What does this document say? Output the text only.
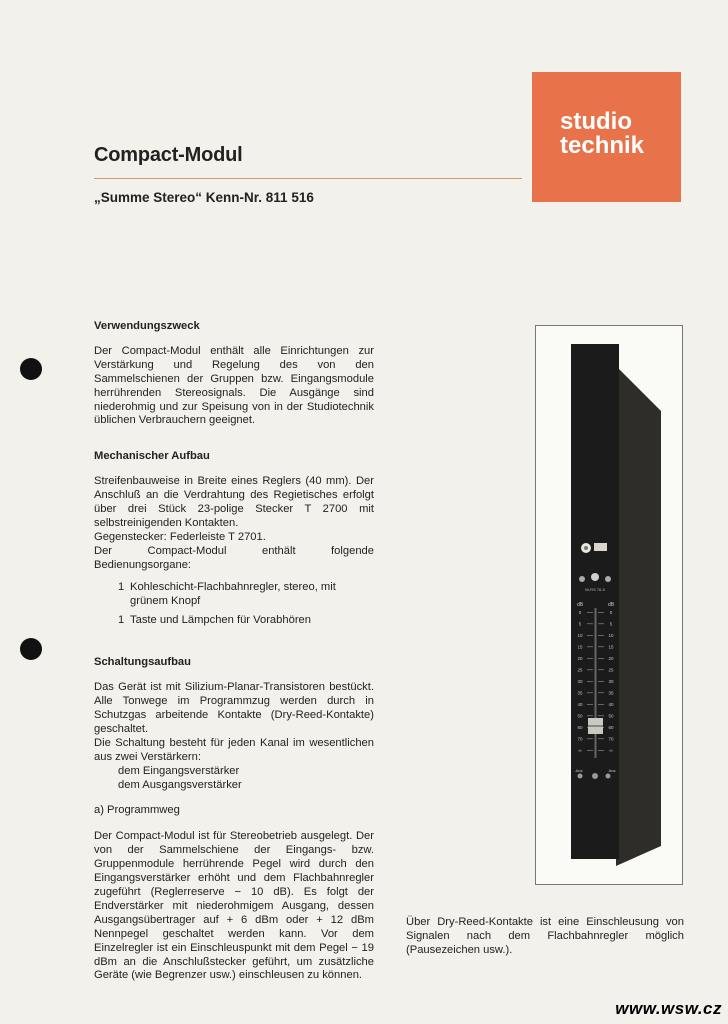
Compact-Modul
„Summe Stereo“ Kenn-Nr. 811 516
studio
technik
Verwendungszweck

Der Compact-Modul enthält alle Einrichtungen zur Verstärkung und Regelung des von den Sammelschienen der Gruppen bzw. Eingangsmodule herrührenden Stereosignals. Die Ausgänge sind niederohmig und zur Speisung von in der Studiotechnik üblichen Verbrauchern geeignet.

Mechanischer Aufbau

Streifenbauweise in Breite eines Reglers (40 mm). Der Anschluß an die Verdrahtung des Regietisches erfolgt über drei Stück 23-polige Stecker T 2700 mit selbstreinigenden Kontakten.

Gegenstecker: Federleiste T 2701.

Der Compact-Modul enthält folgende Bedienungsorgane:

1 Kohleschicht-Flachbahnregler, stereo, mit grünem Knopf
1 Taste und Lämpchen für Vorabhören
Schaltungsaufbau

Das Gerät ist mit Silizium-Planar-Transistoren bestückt. Alle Tonwege im Programmzug werden durch in Schutzgas arbeitende Kontakte (Dry-Reed-Kontakte) geschaltet.

Die Schaltung besteht für jeden Kanal im wesentlichen aus zwei Verstärkern:

dem Eingangsverstärker
dem Ausgangsverstärker

a) Programmweg

Der Compact-Modul ist für Stereobetrieb ausgelegt. Der von der Sammelschiene der Eingangs- bzw. Gruppenmodule herrührende Pegel wird durch den Eingangsverstärker erhöht und dem Flachbahnregler zugeführt (Reglerreserve − 10 dB). Es folgt der Endverstärker mit niederohmigem Ausgang, dessen Ausgangsübertrager auf + 6 dBm oder + 12 dBm Nennpegel geschaltet werden kann. Vor dem Einzelregler ist ein Einschleuspunkt mit dem Pegel − 19 dBm an die Anschlußstecker geführt, um zusätzliche Geräte (wie Begrenzer usw.) einschleusen zu können.

W-RS 76-5
dB	dB
0
5
10
15
20
25
30
35
40
50
60
70
∞
0
5
10
15
20
25
30
35
40
50
60
70
∞
Aus	Aus
Über Dry-Reed-Kontakte ist eine Einschleusung von Signalen nach dem Flachbahnregler möglich (Pausezeichen usw.).
www.wsw.cz
